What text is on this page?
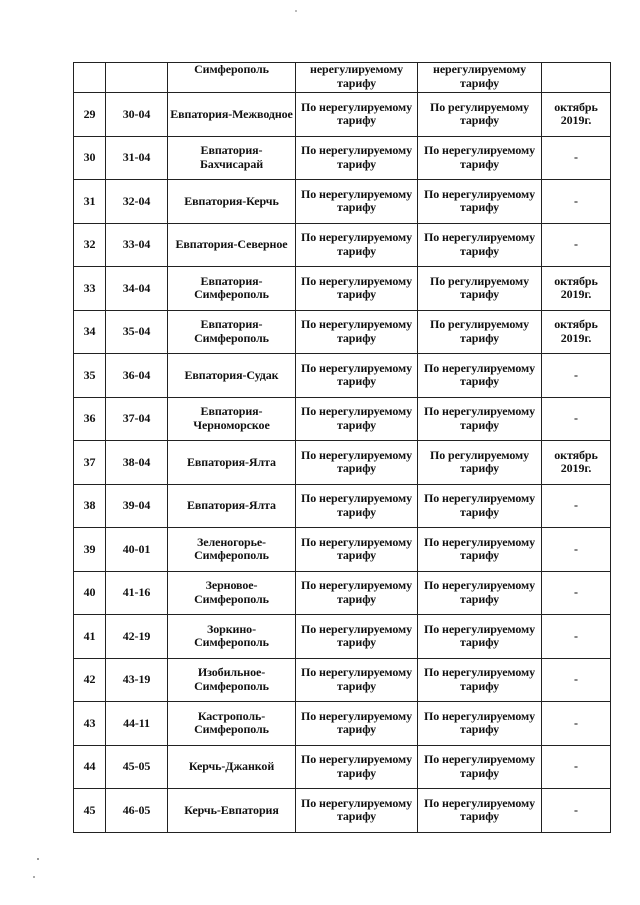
		Симферополь	нерегулируемому тарифу	нерегулируемому тарифу	
29	30-04	Евпатория-Межводное	По нерегулируемому тарифу	По регулируемому тарифу	октябрь 2019г.
30	31-04	Евпатория-Бахчисарай	По нерегулируемому тарифу	По нерегулируемому тарифу	-
31	32-04	Евпатория-Керчь	По нерегулируемому тарифу	По нерегулируемому тарифу	-
32	33-04	Евпатория-Северное	По нерегулируемому тарифу	По нерегулируемому тарифу	-
33	34-04	Евпатория-Симферополь	По нерегулируемому тарифу	По регулируемому тарифу	октябрь 2019г.
34	35-04	Евпатория-Симферополь	По нерегулируемому тарифу	По регулируемому тарифу	октябрь 2019г.
35	36-04	Евпатория-Судак	По нерегулируемому тарифу	По нерегулируемому тарифу	-
36	37-04	Евпатория-Черноморское	По нерегулируемому тарифу	По нерегулируемому тарифу	-
37	38-04	Евпатория-Ялта	По нерегулируемому тарифу	По регулируемому тарифу	октябрь 2019г.
38	39-04	Евпатория-Ялта	По нерегулируемому тарифу	По нерегулируемому тарифу	-
39	40-01	Зеленогорье-Симферополь	По нерегулируемому тарифу	По нерегулируемому тарифу	-
40	41-16	Зерновое-Симферополь	По нерегулируемому тарифу	По нерегулируемому тарифу	-
41	42-19	Зоркино-Симферополь	По нерегулируемому тарифу	По нерегулируемому тарифу	-
42	43-19	Изобильное-Симферополь	По нерегулируемому тарифу	По нерегулируемому тарифу	-
43	44-11	Кастрополь-Симферополь	По нерегулируемому тарифу	По нерегулируемому тарифу	-
44	45-05	Керчь-Джанкой	По нерегулируемому тарифу	По нерегулируемому тарифу	-
45	46-05	Керчь-Евпатория	По нерегулируемому тарифу	По нерегулируемому тарифу	-
